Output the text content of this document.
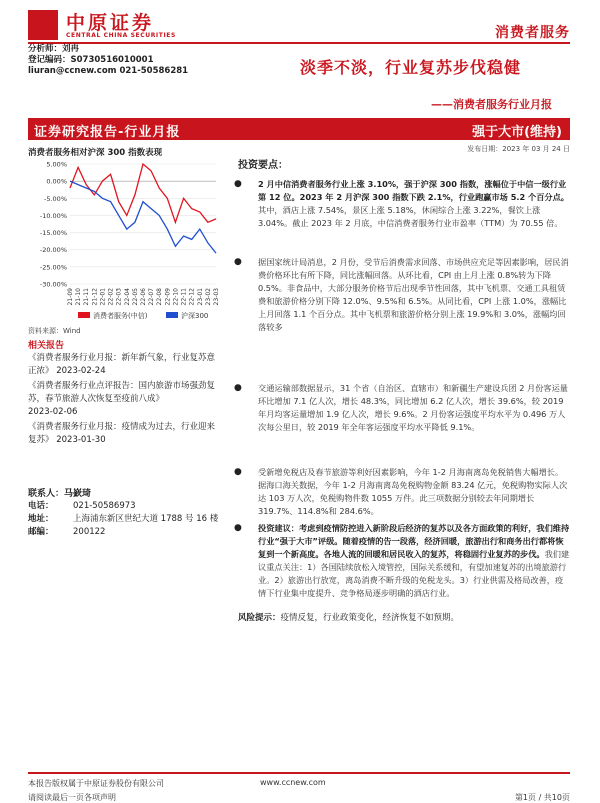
中原证券
CENTRAL CHINA SECURITIES	消费者服务
分析师：刘冉
登记编码：S0730516010001
liuran@ccnew.com 021-50586281	淡季不淡，行业复苏步伐稳健
——消费者服务行业月报
证券研究报告-行业月报	强于大市(维持)
发布日期：2023 年 03 月 24 日
消费者服务相对沪深 300 指数表现
5.00%
0.00%
-5.00%
-10.00%
-15.00%
-20.00%
-25.00%
-30.00%
21-09 21-10 21-11 21-12 22-01 22-02 22-03 22-04 22-05 22-06 22-07 22-08 22-09 22-10 22-11 22-12 23-01 23-02 23-03
消费者服务(中信)	沪深300
资料来源：Wind
相关报告
《消费者服务行业月报：新年新气象，行业复苏意正浓》 2023-02-24
《消费者服务行业点评报告：国内旅游市场强劲复苏，春节旅游人次恢复至疫前八成》
2023-02-06
《消费者服务行业月报：疫情成为过去，行业迎来复苏》 2023-01-30
联系人：马嶔琦
电话：	021-50586973
地址：	上海浦东新区世纪大道 1788 号 16 楼
邮编：	200122
投资要点：
● 2 月中信消费者服务行业上涨 3.10%，强于沪深 300 指数，涨幅位于中信一级行业第 12 位。2023 年 2 月沪深 300 指数下跌 2.1%，行业跑赢市场 5.2 个百分点。其中，酒店上涨 7.54%，景区上涨 5.18%，休闲综合上涨 3.22%，餐饮上涨 3.04%。截止 2023 年 2 月底，中信消费者服务行业市盈率（TTM）为 70.55 倍。
● 据国家统计局消息，2 月份，受节后消费需求回落、市场供应充足等因素影响，居民消费价格环比有所下降，同比涨幅回落。从环比看，CPI 由上月上涨 0.8%转为下降 0.5%。非食品中，大部分服务价格节后出现季节性回落，其中飞机票、交通工具租赁费和旅游价格分别下降 12.0%、9.5%和 6.5%。从同比看，CPI 上涨 1.0%，涨幅比上月回落 1.1 个百分点。其中飞机票和旅游价格分别上涨 19.9%和 3.0%，涨幅均回落较多
● 交通运输部数据显示，31 个省（自治区、直辖市）和新疆生产建设兵团 2 月份客运量环比增加 7.1 亿人次，增长 48.3%，同比增加 6.2 亿人次，增长 39.6%，较 2019 年月均客运量增加 1.9 亿人次，增长 9.6%。2 月份客运强度平均水平为 0.496 万人次每公里日，较 2019 年全年客运强度平均水平降低 9.1%。
● 受新增免税店及春节旅游等利好因素影响，今年 1-2 月海南离岛免税销售大幅增长。据海口海关数据，今年 1-2 月海南离岛免税购物金额 83.24 亿元，免税购物实际人次达 103 万人次，免税购物件数 1055 万件。此三项数据分别较去年同期增长 319.7%、114.8%和 284.6%。
● 投资建议：考虑到疫情防控进入新阶段后经济的复苏以及各方面政策的利好，我们维持行业“强于大市”评级。随着疫情的告一段落，经济回暖，旅游出行和商务出行都将恢复到一个新高度。各地人流的回暖和居民收入的复苏，将稳固行业复苏的步伐。我们建议重点关注：1）各国陆续放松入境管控，国际关系缓和，有望加速复苏的出境旅游行业。2）旅游出行放宽，离岛消费不断升级的免税龙头。3）行业供需及格局改善，疫情下行业集中度提升、竞争格局逐步明确的酒店行业。
风险提示：疫情反复，行业政策变化，经济恢复不如预期。
本报告版权属于中原证券股份有限公司
请阅读最后一页各项声明
www.ccnew.com
第1页 / 共10页
